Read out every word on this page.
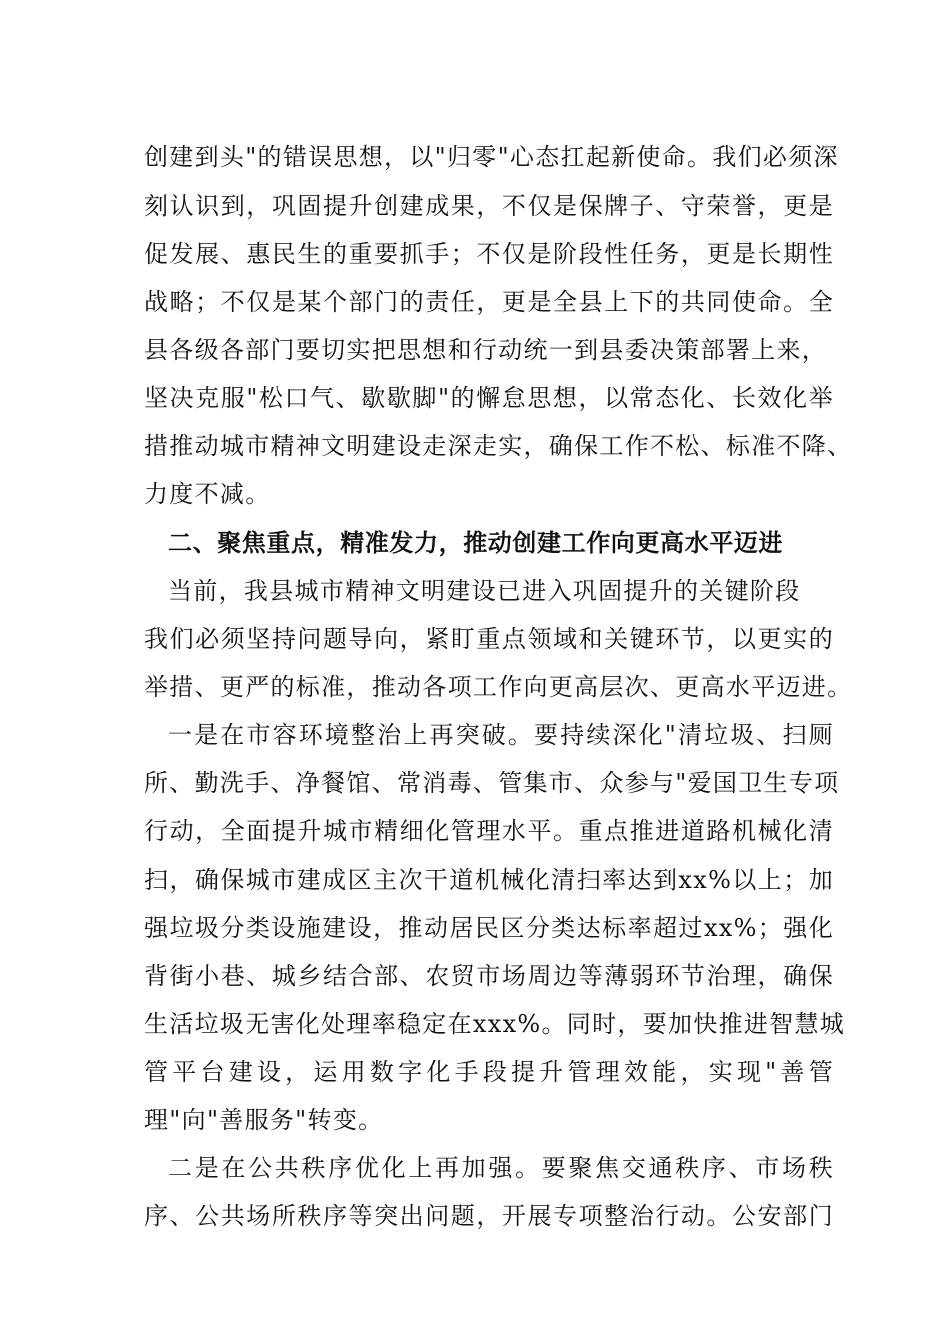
创建到头"的错误思想，以"归零"心态扛起新使命。我们必须深
刻认识到，巩固提升创建成果，不仅是保牌子、守荣誉，更是
促发展、惠民生的重要抓手；不仅是阶段性任务，更是长期性
战略；不仅是某个部门的责任，更是全县上下的共同使命。全
县各级各部门要切实把思想和行动统一到县委决策部署上来，
坚决克服"松口气、歇歇脚"的懈怠思想，以常态化、长效化举
措推动城市精神文明建设走深走实，确保工作不松、标准不降、
力度不减。
二、聚焦重点，精准发力，推动创建工作向更高水平迈进
当前，我县城市精神文明建设已进入巩固提升的关键阶段
我们必须坚持问题导向，紧盯重点领域和关键环节，以更实的
举措、更严的标准，推动各项工作向更高层次、更高水平迈进。
一是在市容环境整治上再突破。要持续深化"清垃圾、扫厕
所、勤洗手、净餐馆、常消毒、管集市、众参与"爱国卫生专项
行动，全面提升城市精细化管理水平。重点推进道路机械化清
扫，确保城市建成区主次干道机械化清扫率达到xx%以上；加
强垃圾分类设施建设，推动居民区分类达标率超过xx%；强化
背街小巷、城乡结合部、农贸市场周边等薄弱环节治理，确保
生活垃圾无害化处理率稳定在xxx%。同时，要加快推进智慧城
管平台建设，运用数字化手段提升管理效能，实现"善管
理"向"善服务"转变。
二是在公共秩序优化上再加强。要聚焦交通秩序、市场秩
序、公共场所秩序等突出问题，开展专项整治行动。公安部门
